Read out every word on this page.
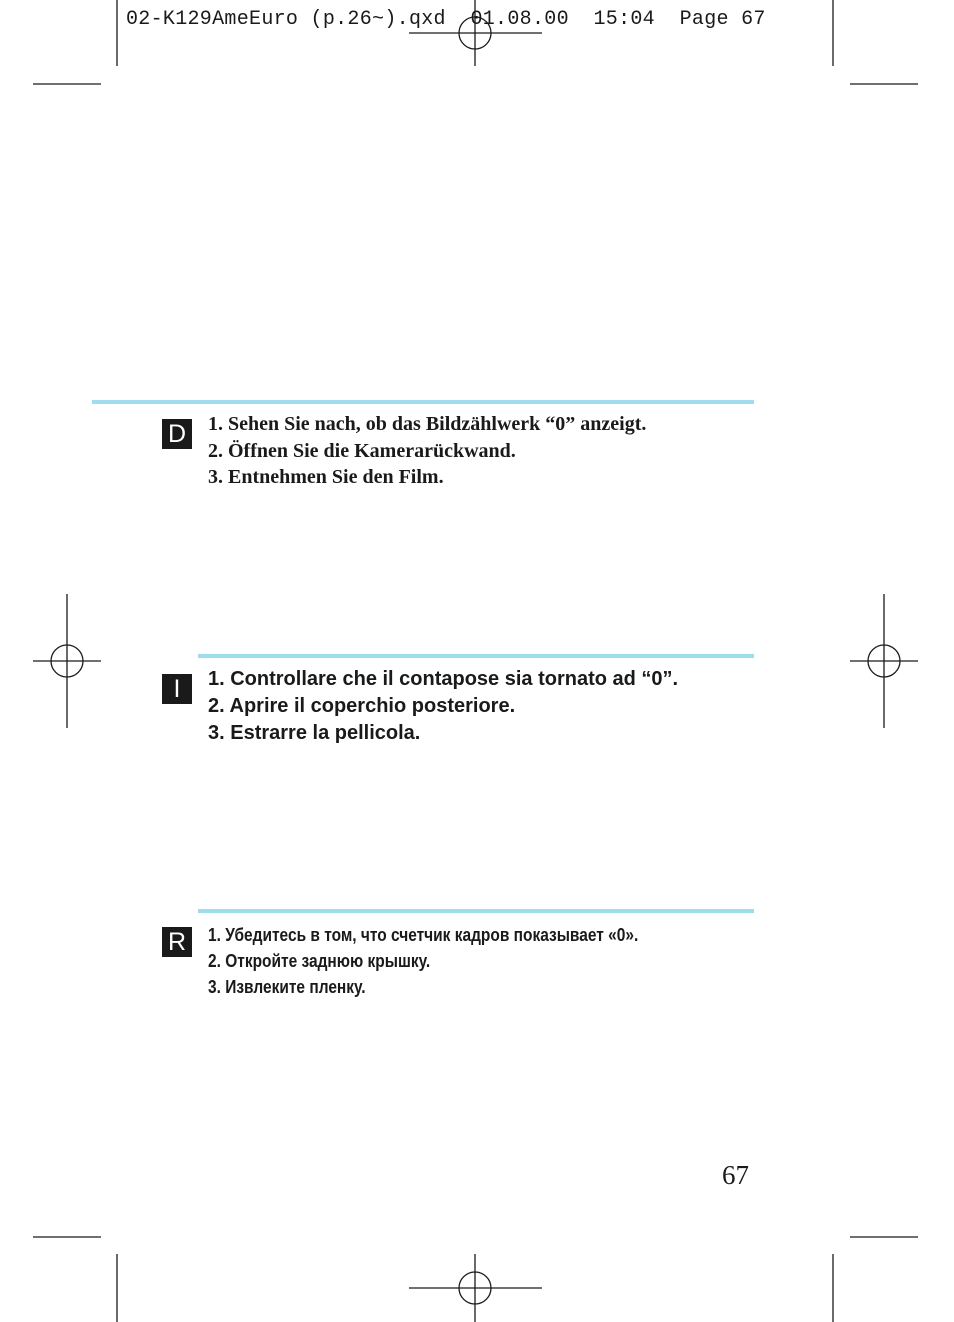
02-K129AmeEuro (p.26~).qxd  01.08.00  15:04  Page 67
D 1. Sehen Sie nach, ob das Bildzählwerk “0” anzeigt.
2. Öffnen Sie die Kamerarückwand.
3. Entnehmen Sie den Film.
I	1. Controllare che il contapose sia tornato ad “0”.
2. Aprire il coperchio posteriore.
3. Estrarre la pellicola.
R	1. Убедитесь в том, что счетчик кадров показывает «0».
2. Откройте заднюю крышку.
3. Извлеките пленку.
67
